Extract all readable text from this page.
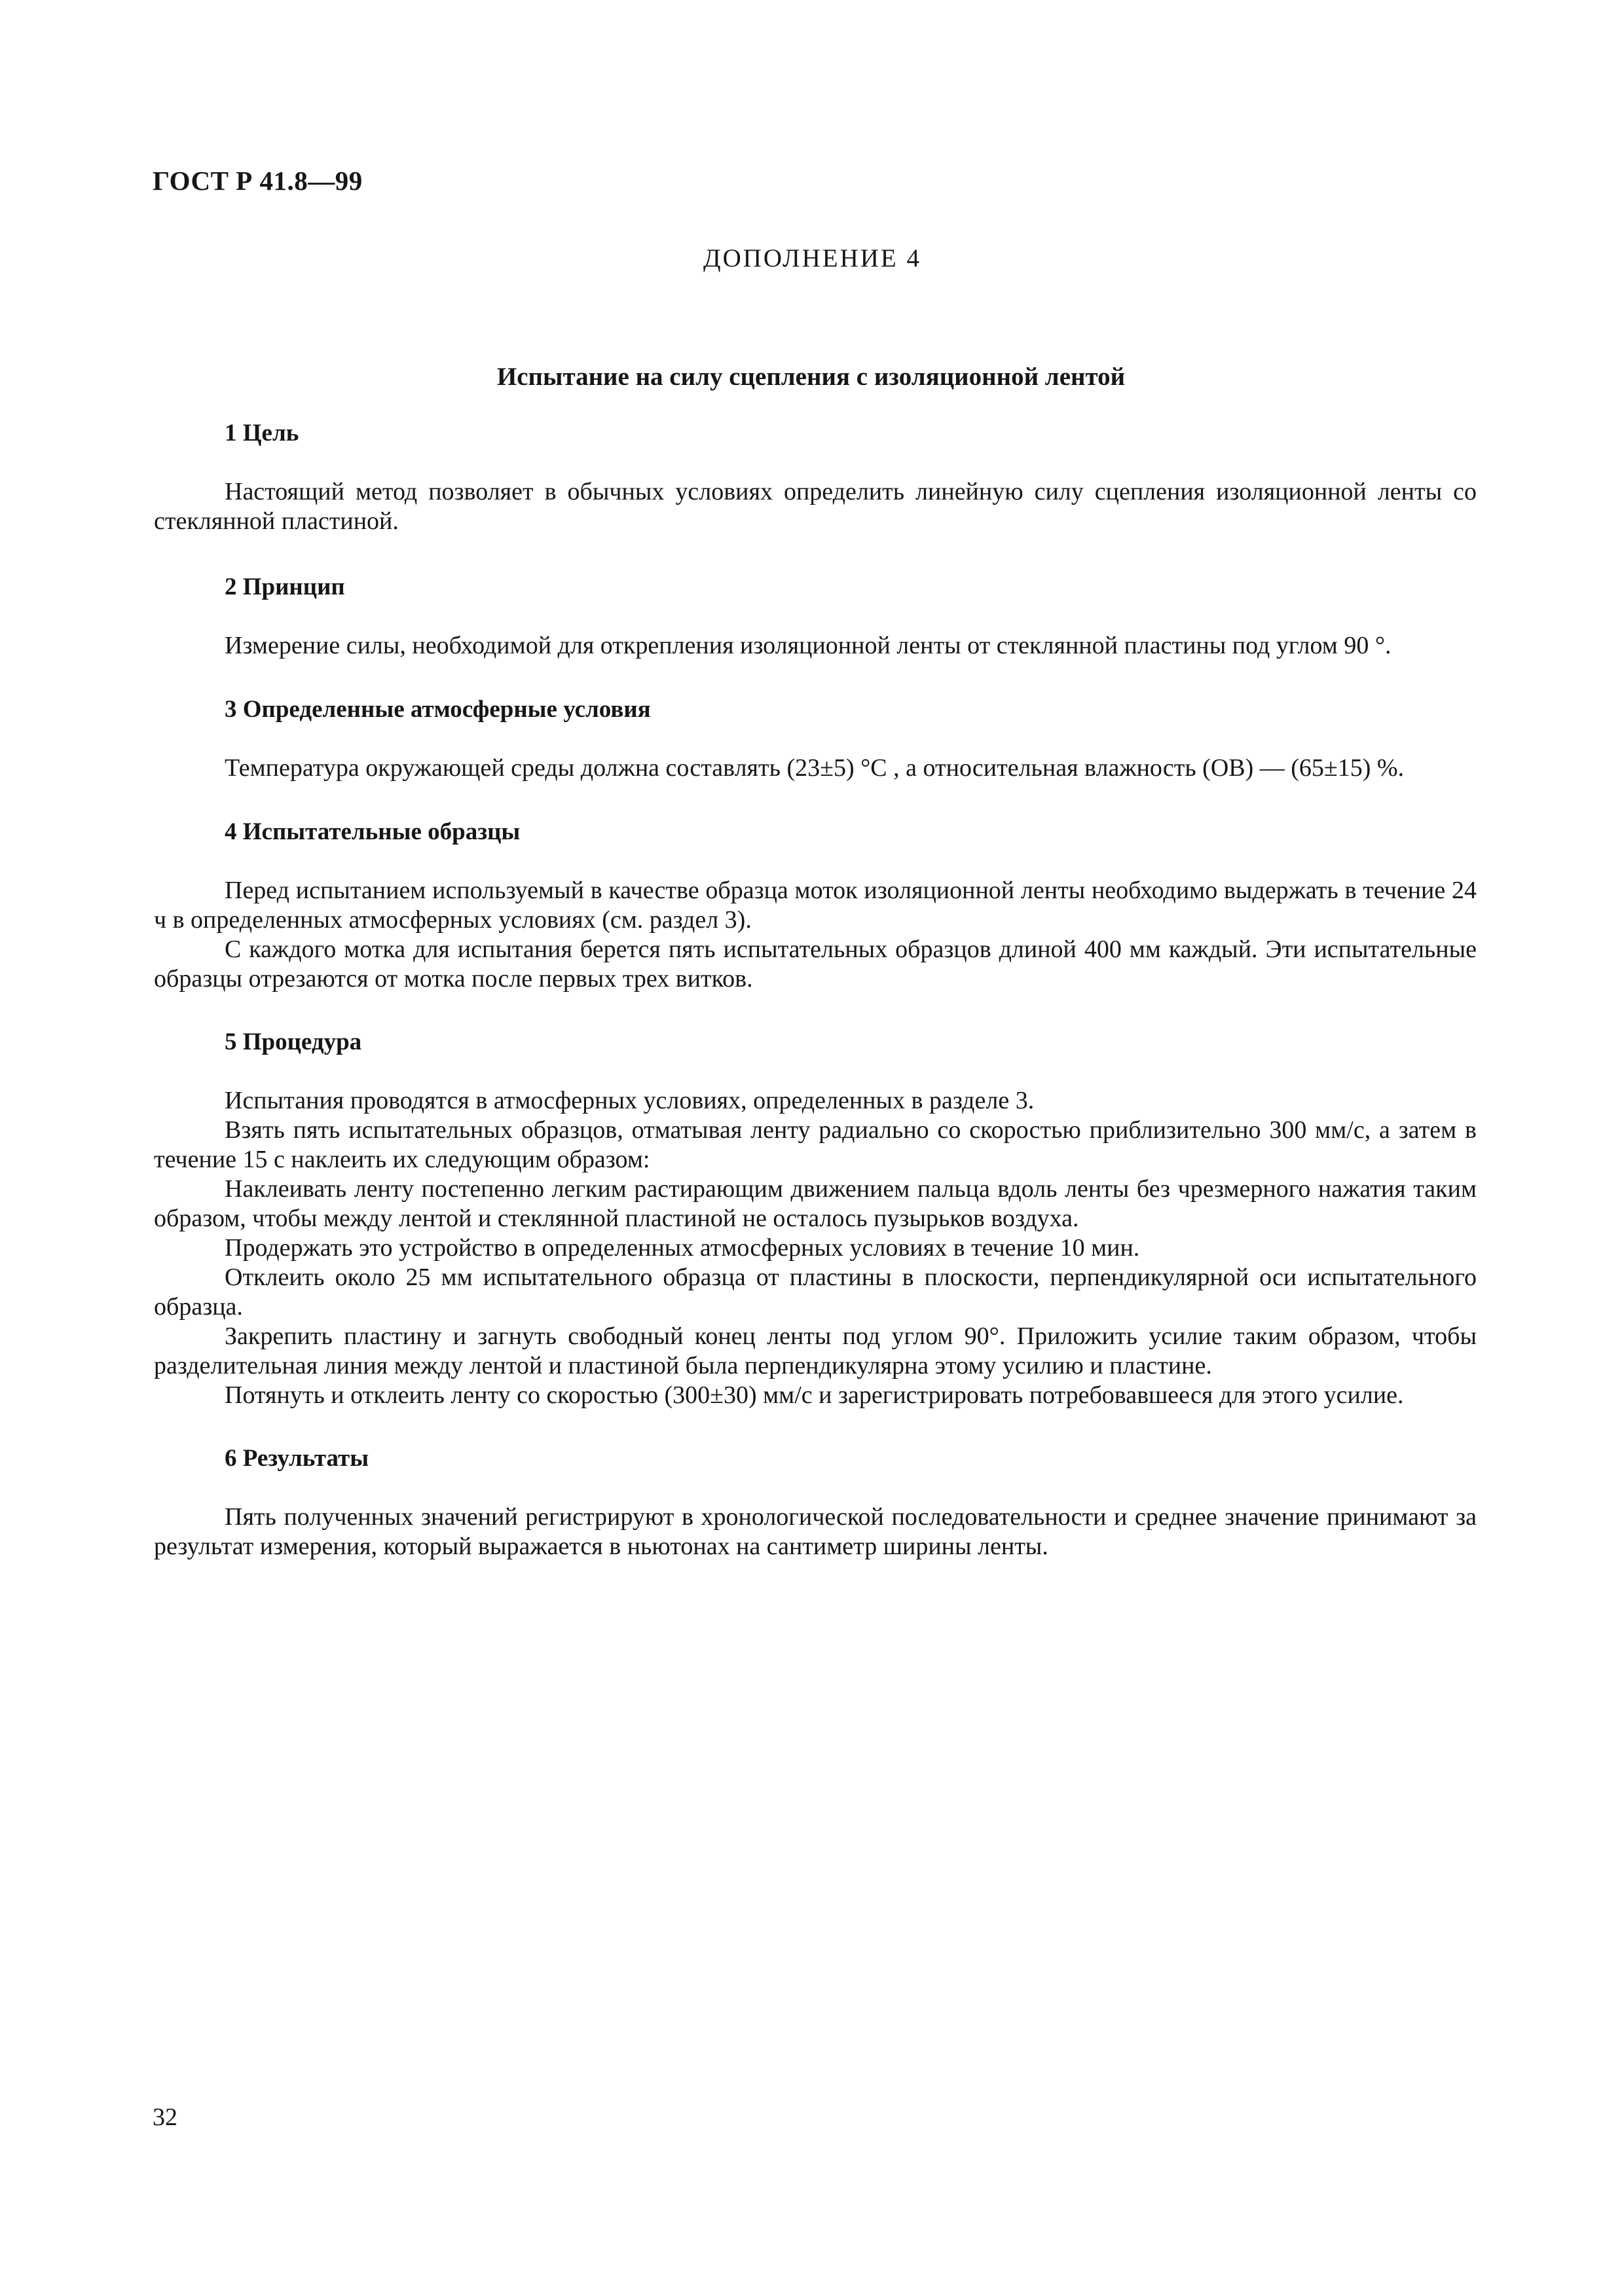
ГОСТ Р 41.8—99

ДОПОЛНЕНИЕ 4

Испытание на силу сцепления с изоляционной лентой

1 Цель

Настоящий метод позволяет в обычных условиях определить линейную силу сцепления изоляционной ленты со стеклянной пластиной.

2 Принцип

Измерение силы, необходимой для открепления изоляционной ленты от стеклянной пластины под углом 90 °.

3 Определенные атмосферные условия

Температура окружающей среды должна составлять (23±5) °С , а относительная влажность (ОВ) — (65±15) %.

4 Испытательные образцы

Перед испытанием используемый в качестве образца моток изоляционной ленты необходимо выдержать в течение 24 ч в определенных атмосферных условиях (см. раздел 3).

С каждого мотка для испытания берется пять испытательных образцов длиной 400 мм каждый. Эти испытательные образцы отрезаются от мотка после первых трех витков.

5 Процедура

Испытания проводятся в атмосферных условиях, определенных в разделе 3.

Взять пять испытательных образцов, отматывая ленту радиально со скоростью приблизительно 300 мм/с, а затем в течение 15 с наклеить их следующим образом:

Наклеивать ленту постепенно легким растирающим движением пальца вдоль ленты без чрезмерного нажатия таким образом, чтобы между лентой и стеклянной пластиной не осталось пузырьков воздуха.

Продержать это устройство в определенных атмосферных условиях в течение 10 мин.

Отклеить около 25 мм испытательного образца от пластины в плоскости, перпендикулярной оси испытательного образца.

Закрепить пластину и загнуть свободный конец ленты под углом 90°. Приложить усилие таким образом, чтобы разделительная линия между лентой и пластиной была перпендикулярна этому усилию и пластине.

Потянуть и отклеить ленту со скоростью (300±30) мм/с и зарегистрировать потребовавшееся для этого усилие.

6 Результаты

Пять полученных значений регистрируют в хронологической последовательности и среднее значение принимают за результат измерения, который выражается в ньютонах на сантиметр ширины ленты.

32
